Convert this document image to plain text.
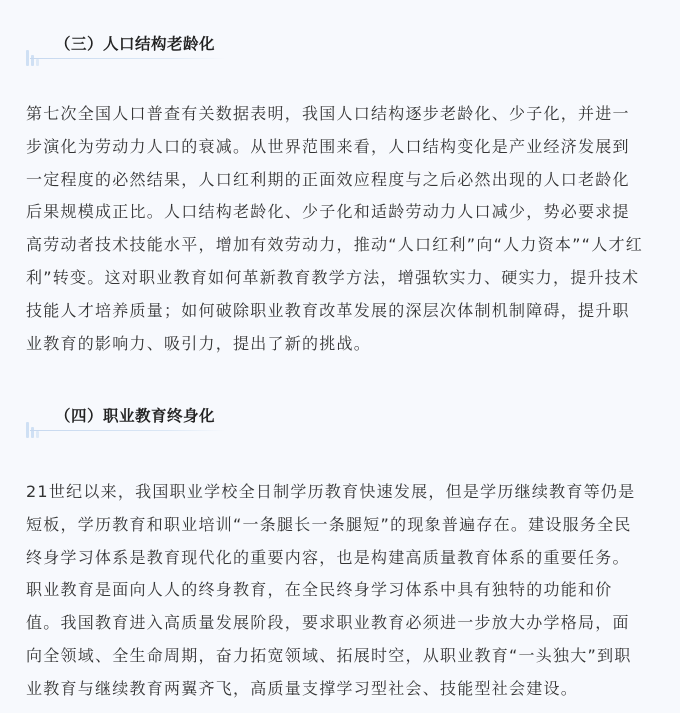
（三）人口结构老龄化

第七次全国人口普查有关数据表明，我国人口结构逐步老龄化、少子化，并进一
步演化为劳动力人口的衰减。从世界范围来看，人口结构变化是产业经济发展到
一定程度的必然结果，人口红利期的正面效应程度与之后必然出现的人口老龄化
后果规模成正比。人口结构老龄化、少子化和适龄劳动力人口减少，势必要求提
高劳动者技术技能水平，增加有效劳动力，推动“人口红利”向“人力资本”“人才红
利”转变。这对职业教育如何革新教育教学方法，增强软实力、硬实力，提升技术
技能人才培养质量；如何破除职业教育改革发展的深层次体制机制障碍，提升职
业教育的影响力、吸引力，提出了新的挑战。

（四）职业教育终身化

21世纪以来，我国职业学校全日制学历教育快速发展，但是学历继续教育等仍是
短板，学历教育和职业培训“一条腿长一条腿短”的现象普遍存在。建设服务全民
终身学习体系是教育现代化的重要内容，也是构建高质量教育体系的重要任务。
职业教育是面向人人的终身教育，在全民终身学习体系中具有独特的功能和价
值。我国教育进入高质量发展阶段，要求职业教育必须进一步放大办学格局，面
向全领域、全生命周期，奋力拓宽领域、拓展时空，从职业教育“一头独大”到职
业教育与继续教育两翼齐飞，高质量支撑学习型社会、技能型社会建设。
